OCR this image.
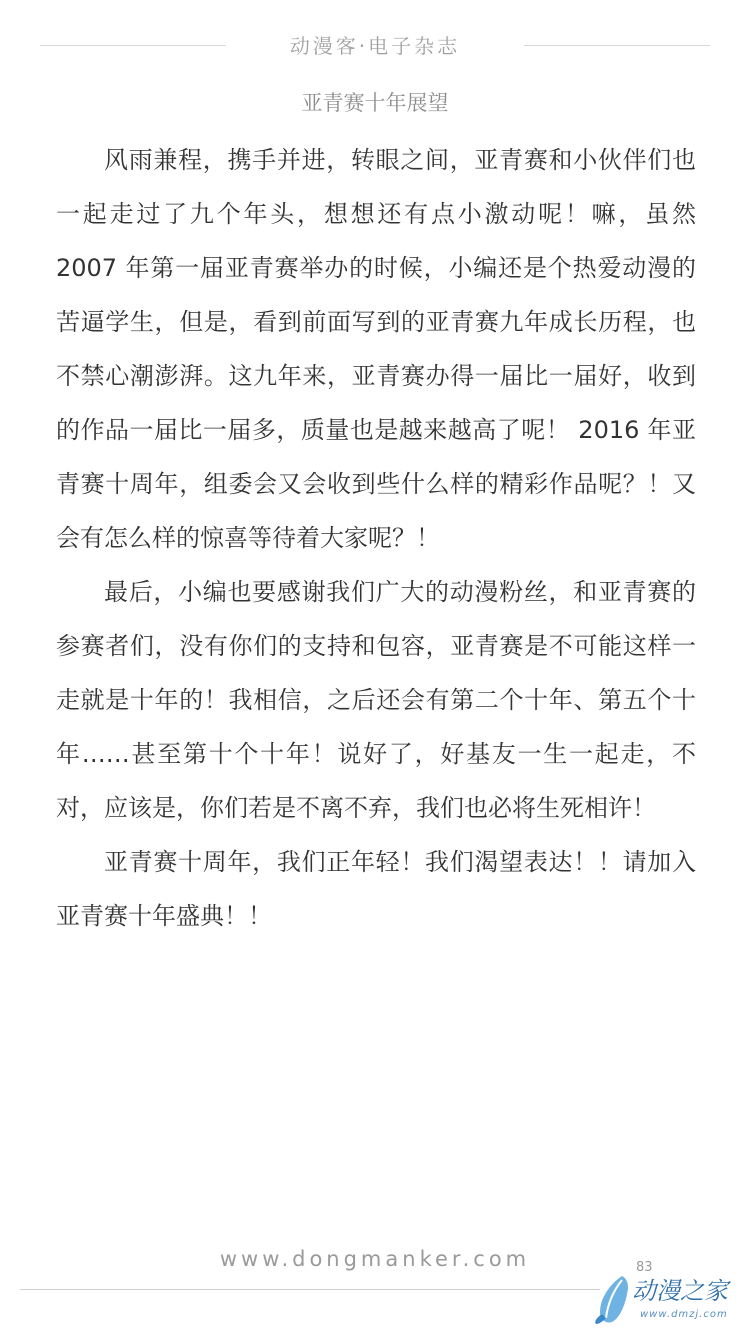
动漫客·电子杂志
亚青赛十年展望

风雨兼程，携手并进，转眼之间，亚青赛和小伙伴们也一起走过了九个年头，想想还有点小激动呢！嘛，虽然 2007 年第一届亚青赛举办的时候，小编还是个热爱动漫的苦逼学生，但是，看到前面写到的亚青赛九年成长历程，也不禁心潮澎湃。这九年来，亚青赛办得一届比一届好，收到的作品一届比一届多，质量也是越来越高了呢！ 2016 年亚青赛十周年，组委会又会收到些什么样的精彩作品呢？！又会有怎么样的惊喜等待着大家呢？！

最后，小编也要感谢我们广大的动漫粉丝，和亚青赛的参赛者们，没有你们的支持和包容，亚青赛是不可能这样一走就是十年的！我相信，之后还会有第二个十年、第五个十年……甚至第十个十年！说好了，好基友一生一起走，不对，应该是，你们若是不离不弃，我们也必将生死相许！

亚青赛十周年，我们正年轻！我们渴望表达！！请加入亚青赛十年盛典！！

www.dongmanker.com	83
动漫之家
www.dmzj.com
